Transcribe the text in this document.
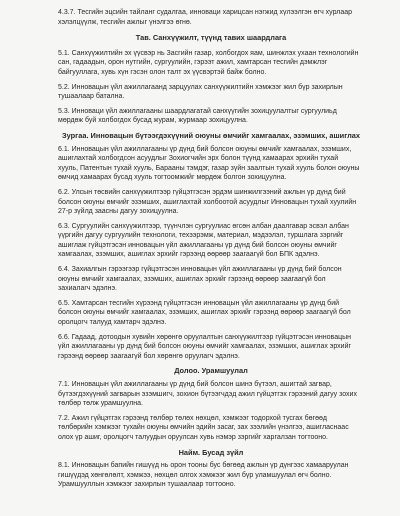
4.3.7. Тесгийн эцсийн тайланг судалгаа, инноваци харицсан нэгжид хүлээлгэн өгч хурлаар
хэлэлцүүлж, тесгийн ажлыг үнэлгээ өгнө.
Тав. Санхүүжилт, түүнд тавих шаардлага
5.1. Санхүүжилтийн эх үүсвэр нь Засгийн газар, холбогдох яам, шинжлэх ухаан технологийн
сан, гадаадын, орон нутгийн, сургуулийн, гэрээт ажил, хамтарсан тесгийн дэмжлэг
байгууллага, хувь хүн гэсэн олон талт эх үүсвэртэй байж болно.
5.2. Инновацын үйл ажиллагаанд зарцуулах санхүүжилтийн хэмжээг жил бүр захирлын
тушаалаар батална.
5.3. Инноваци үйл ажиллагааны шаардлагатай санхүүгийн зохицуулалтыг сургуулиьд
мөрдөж буй холбогдох бусад журам, журмаар зохицуулна.
Зургаа. Инновацын бүтээгдэхүүний оюуны өмчийг хамгаалах, эзэмших, ашиглах
6.1. Инновацын үйл ажиллагааны үр дүнд бий болсон оюуны өмчийг хамгаалах, эзэмших,
ашиглахтай холбогдсон асуудлыг Зохиогчийн эрх болон түүнд хамаарах эрхийн тухай
хууль, Патентын тухай хууль, Барааны тэмдэг, газар зүйн заалтын тухай хууль болон оюуны
өмчид хамаарах бусад хууль тогтоомжийг мөрдөж болгон зохицуулна.
6.2. Улсын төсвийн санхүүжилтээр гүйцэтгэсэн эрдэм шинжилгээний ажлын үр дүнд бий
болсон оюуны өмчийг эзэмших, ашиглахтай холбоотой асуудлыг Инновацын тухай хуулийн
27-р зүйлд заасны дагуу зохицуулна.
6.3. Сургуулийн санхүүжилтээр, түүнчлэн сургуулиас өгсөн албан даалгавар эсвэл албан
үүргийн дагуу сургуулийн технологи, техээрэмж, материал, мэдээлэл, туршлага зэргийг
ашиглаж гүйцэтгэсэн инновацын үйл ажиллагааны үр дүнд бий болсон оюуны өмчийг
хамгаалах, эзэмших, ашиглах эрхийг гэрээнд өөрөөр заагаагүй бол БПК эдэлнэ.
6.4. Захиалгын гэрээгээр гүйцэтгэсэн инновацын үйл ажиллагааны үр дүнд бий болсон
оюуны өмчийг хамгаалах, эзэмших, ашиглах эрхийг гэрээнд өөрөөр заагаагүй бол
захиалагч эдэлнэ.
6.5. Хамтарсан тесгийн хүрээнд гүйцэтгэсэн инновацын үйл ажиллагааны үр дүнд бий
болсон оюуны өмчийг хамгаалах, эзэмших, ашиглах эрхийг гэрээнд өөрөөр заагаагүй бол
оролцогч талууд хамтарч эдэлнэ.
6.6. Гадаад, дотоодын хувийн хөрөнгө оруулалтын санхүүжилтээр гүйцэтгэсэн инновацын
үйл ажиллагааны үр дүнд бий болсон оюуны өмчийг хамгаалах, эзэмших, ашиглах эрхийг
гэрээнд өөрөөр заагаагүй бол хөрөнгө оруулагч эдэлнэ.
Долоо. Урамшуулал
7.1. Инновацын үйл ажиллагааны үр дүнд бий болсон шинэ бүтээл, ашигтай загвар,
бүтээгдэхүүний загварын эзэмшигч, зохион бүтээгчдэд ажил гүйцэтгэх гэрээний дагуу зохих
төлбөр төлж урамшуулна.
7.2. Ажил гүйцэтгэх гэрээнд төлбөр төлөх нөхцөл, хэмжээг тодорхой тусгах бөгөөд
төлбөрийн хэмжээг тухайн оюуны өмчийн эдийн засаг, зах зээлийн үнэлгээ, ашигласнаас
олох үр ашиг, оролцогч талуудын оруулсан хувь нэмэр зэргийг харгалзан тогтооно.
Найм. Бусад зүйл
8.1. Инновацын бапийн гишүүд нь орон тооны бус бөгөөд ажлын үр дүнгээс хамааруулан
гишүүдэд хөнгөлөлт, хэмжээ, нөхцөл олгох хэмжээг жил бүр уламшуулал өгч болно.
Урамшууллын хэмжээг захирлын тушаалаар тогтооно.
